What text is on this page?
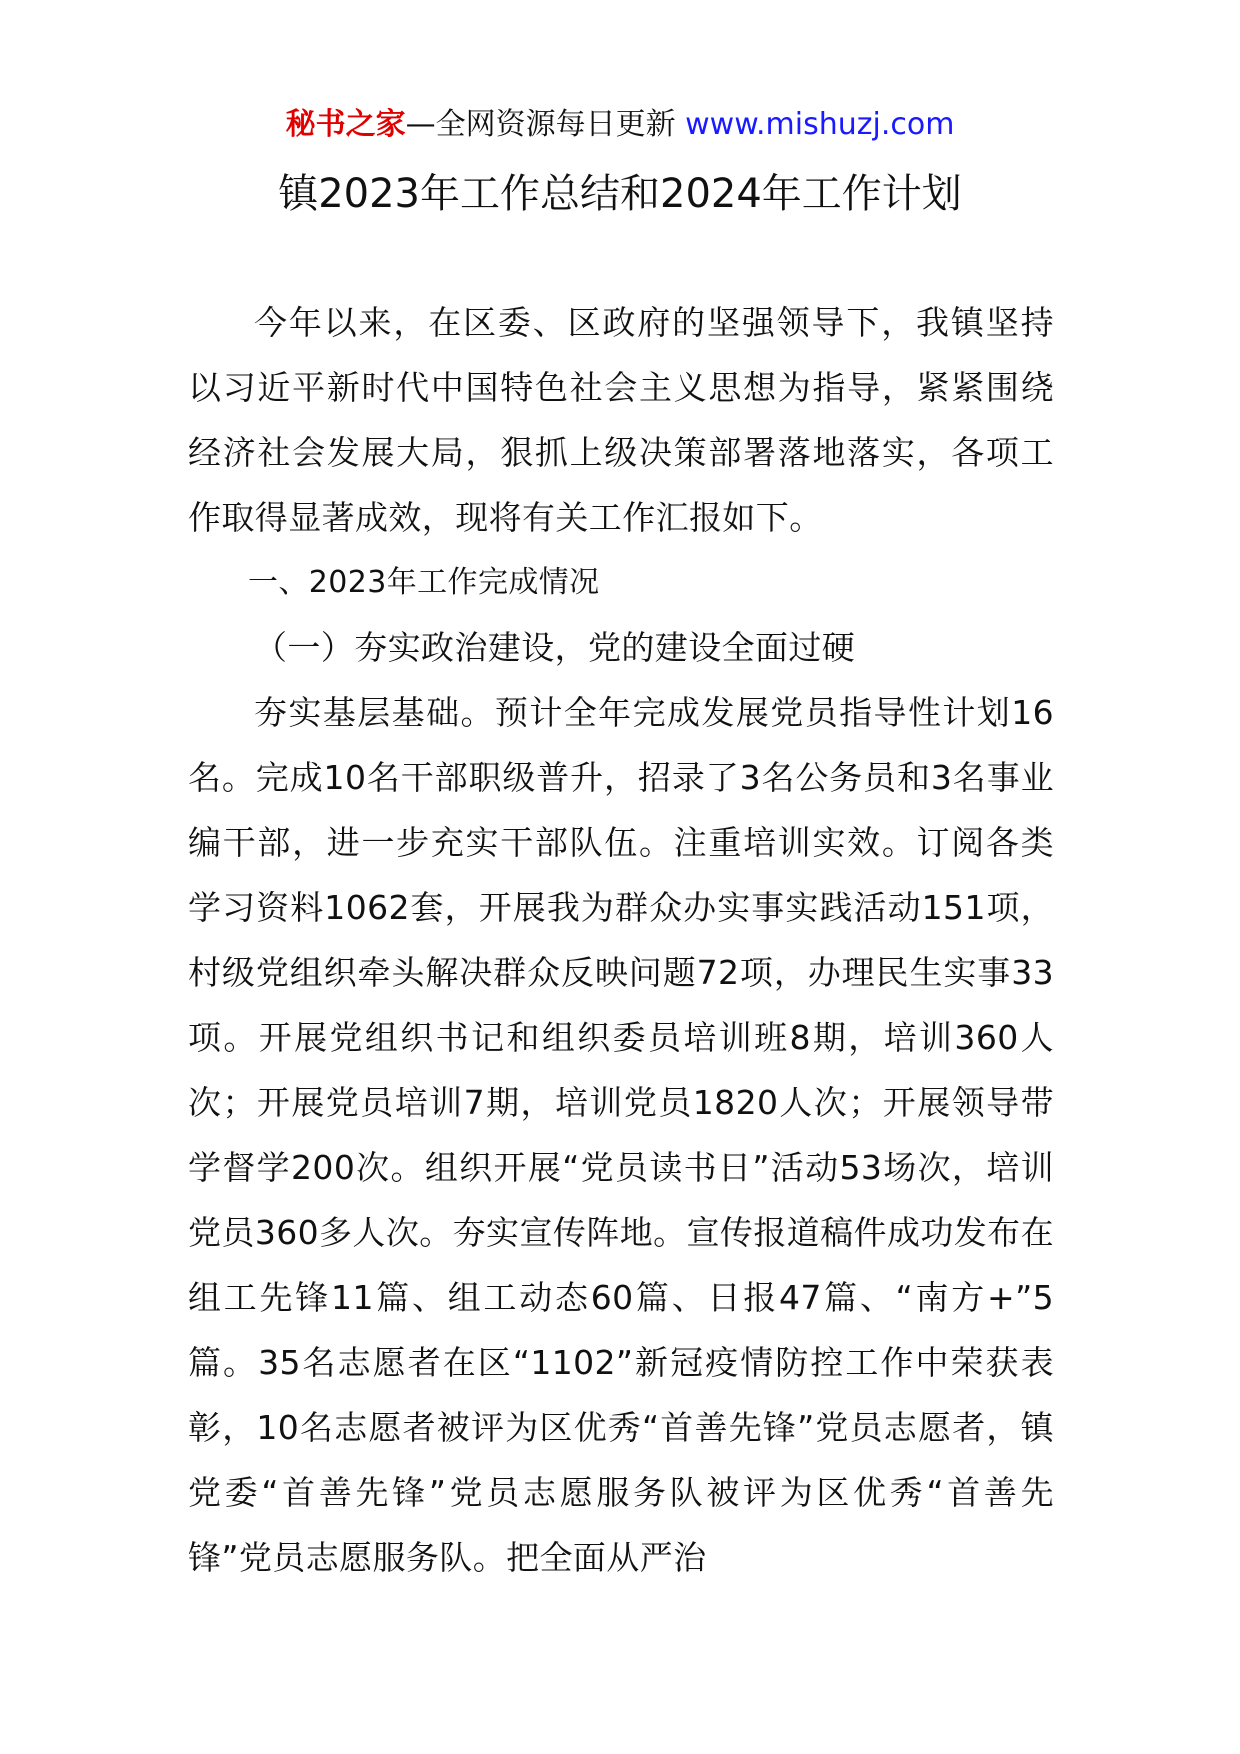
秘书之家—全网资源每日更新 www.mishuzj.com
镇2023年工作总结和2024年工作计划

今年以来，在区委、区政府的坚强领导下，我镇坚持以习近平新时代中国特色社会主义思想为指导，紧紧围绕经济社会发展大局，狠抓上级决策部署落地落实，各项工作取得显著成效，现将有关工作汇报如下。

一、2023年工作完成情况

（一）夯实政治建设，党的建设全面过硬

夯实基层基础。预计全年完成发展党员指导性计划16名。完成10名干部职级普升，招录了3名公务员和3名事业编干部，进一步充实干部队伍。注重培训实效。订阅各类学习资料1062套，开展我为群众办实事实践活动151项，村级党组织牵头解决群众反映问题72项，办理民生实事33项。开展党组织书记和组织委员培训班8期，培训360人次；开展党员培训7期，培训党员1820人次；开展领导带学督学200次。组织开展“党员读书日”活动53场次，培训党员360多人次。夯实宣传阵地。宣传报道稿件成功发布在组工先锋11篇、组工动态60篇、日报47篇、“南方+”5篇。35名志愿者在区“1102”新冠疫情防控工作中荣获表彰，10名志愿者被评为区优秀“首善先锋”党员志愿者，镇党委“首善先锋”党员志愿服务队被评为区优秀“首善先锋”党员志愿服务队。把全面从严治
